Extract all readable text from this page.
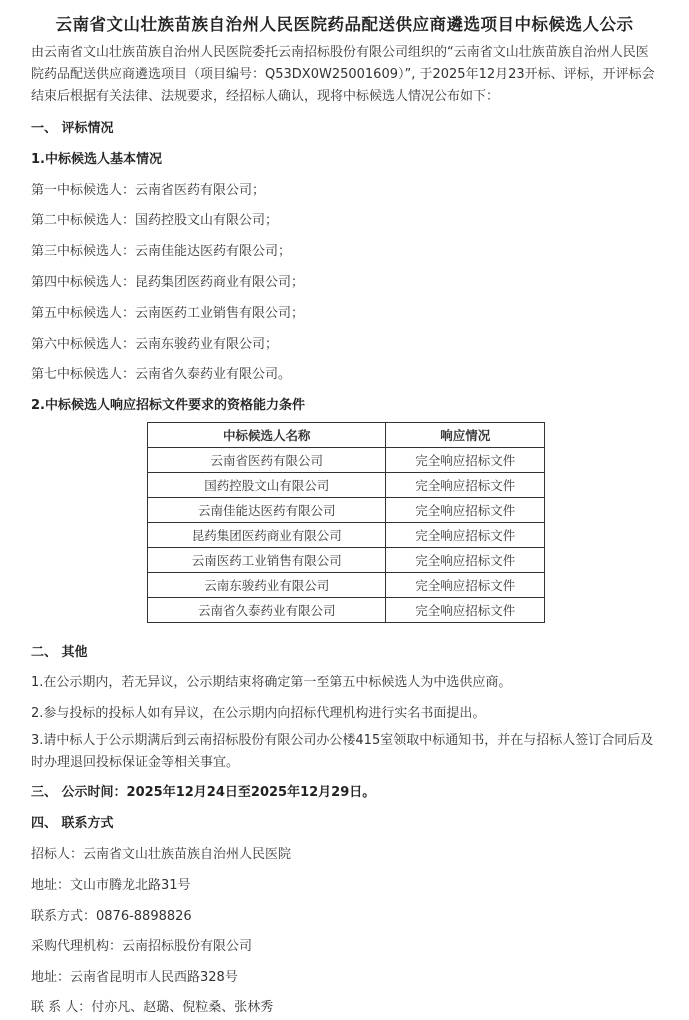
云南省文山壮族苗族自治州人民医院药品配送供应商遴选项目中标候选人公示

由云南省文山壮族苗族自治州人民医院委托云南招标股份有限公司组织的“云南省文山壮族苗族自治州人民医院药品配送供应商遴选项目（项目编号：Q53DX0W25001609）”, 于2025年12月23开标、评标，开评标会结束后根据有关法律、法规要求，经招标人确认，现将中标候选人情况公布如下：

一、 评标情况

1.中标候选人基本情况

第一中标候选人：云南省医药有限公司；

第二中标候选人：国药控股文山有限公司；

第三中标候选人：云南佳能达医药有限公司；

第四中标候选人：昆药集团医药商业有限公司；

第五中标候选人：云南医药工业销售有限公司；

第六中标候选人：云南东骏药业有限公司；

第七中标候选人：云南省久泰药业有限公司。

2.中标候选人响应招标文件要求的资格能力条件

中标候选人名称	响应情况
云南省医药有限公司	完全响应招标文件
国药控股文山有限公司	完全响应招标文件
云南佳能达医药有限公司	完全响应招标文件
昆药集团医药商业有限公司	完全响应招标文件
云南医药工业销售有限公司	完全响应招标文件
云南东骏药业有限公司	完全响应招标文件
云南省久泰药业有限公司	完全响应招标文件

二、 其他

1.在公示期内，若无异议，公示期结束将确定第一至第五中标候选人为中选供应商。

2.参与投标的投标人如有异议，在公示期内向招标代理机构进行实名书面提出。

3.请中标人于公示期满后到云南招标股份有限公司办公楼415室领取中标通知书，并在与招标人签订合同后及时办理退回投标保证金等相关事宜。

三、 公示时间：2025年12月24日至2025年12月29日。

四、 联系方式

招标人：云南省文山壮族苗族自治州人民医院

地址：文山市腾龙北路31号

联系方式：0876-8898826

采购代理机构：云南招标股份有限公司

地址：云南省昆明市人民西路328号

联 系 人：付亦凡、赵璐、倪粒桑、张林秀
